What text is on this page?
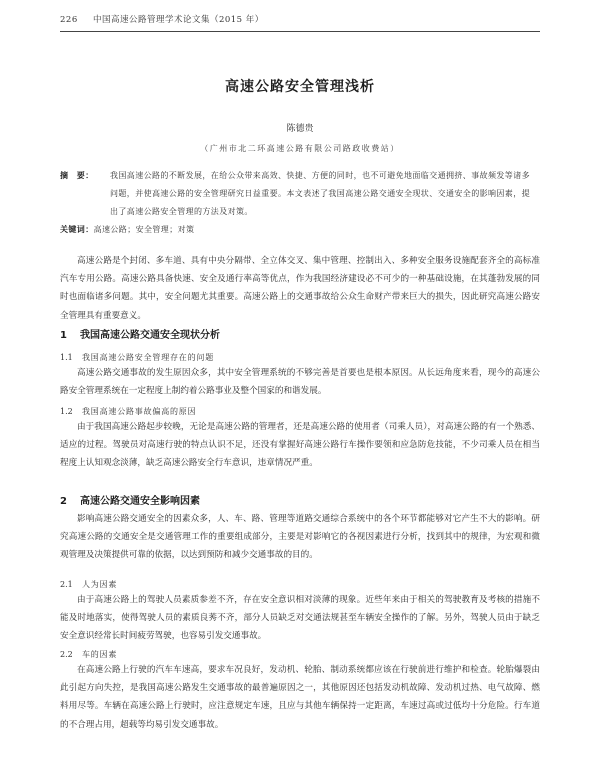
226 中国高速公路管理学术论文集（2015 年）
高速公路安全管理浅析
陈德贵
（广州市北二环高速公路有限公司路政收费站）
摘　要： 我国高速公路的不断发展，在给公众带来高效、快捷、方便的同时，也不可避免地面临交通拥挤、事故频发等诸多问题，并使高速公路的安全管理研究日益重要。本文表述了我国高速公路交通安全现状、交通安全的影响因素，提出了高速公路安全管理的方法及对策。
关键词：高速公路；安全管理；对策
高速公路是个封闭、多车道、具有中央分隔带、全立体交叉、集中管理、控制出入、多种安全服务设施配套齐全的高标准汽车专用公路。高速公路具备快速、安全及通行率高等优点，作为我国经济建设必不可少的一种基础设施，在其蓬勃发展的同时也面临诸多问题。其中，安全问题尤其重要。高速公路上的交通事故给公众生命财产带来巨大的损失，因此研究高速公路安全管理具有重要意义。
1 我国高速公路交通安全现状分析
1.1 我国高速公路安全管理存在的问题
高速公路交通事故的发生原因众多，其中安全管理系统的不够完善是首要也是根本原因。从长远角度来看，现今的高速公路安全管理系统在一定程度上制约着公路事业及整个国家的和谐发展。
1.2 我国高速公路事故偏高的原因
由于我国高速公路起步较晚，无论是高速公路的管理者，还是高速公路的使用者（司乘人员），对高速公路的有一个熟悉、适应的过程。驾驶员对高速行驶的特点认识不足，还没有掌握好高速公路行车操作要领和应急防危技能，不少司乘人员在相当程度上认知观念淡薄，缺乏高速公路安全行车意识，违章情况严重。
2 高速公路交通安全影响因素
影响高速公路交通安全的因素众多，人、车、路、管理等道路交通综合系统中的各个环节都能够对它产生不大的影响。研究高速公路的交通安全是交通管理工作的重要组成部分，主要是对影响它的各视因素进行分析，找到其中的规律，为宏观和微观管理及决策提供可靠的依据，以达到预防和减少交通事故的目的。
2.1 人为因素
由于高速公路上的驾驶人员素质参差不齐，存在安全意识相对淡薄的现象。近些年来由于相关的驾驶教育及考核的措施不能及时地落实，使得驾驶人员的素质良莠不齐，部分人员缺乏对交通法规甚至车辆安全操作的了解。另外，驾驶人员由于缺乏安全意识经常长时间疲劳驾驶，也容易引发交通事故。
2.2 车的因素
在高速公路上行驶的汽车车速高，要求车况良好，发动机、轮胎、制动系统都应该在行驶前进行维护和检查。轮胎爆裂由此引起方向失控，是我国高速公路发生交通事故的最普遍原因之一，其他原因还包括发动机故障、发动机过热、电气故障、燃料用尽等。车辆在高速公路上行驶时，应注意规定车速，且应与其他车辆保持一定距离，车速过高或过低均十分危险。行车道的不合理占用，超载等均易引发交通事故。
